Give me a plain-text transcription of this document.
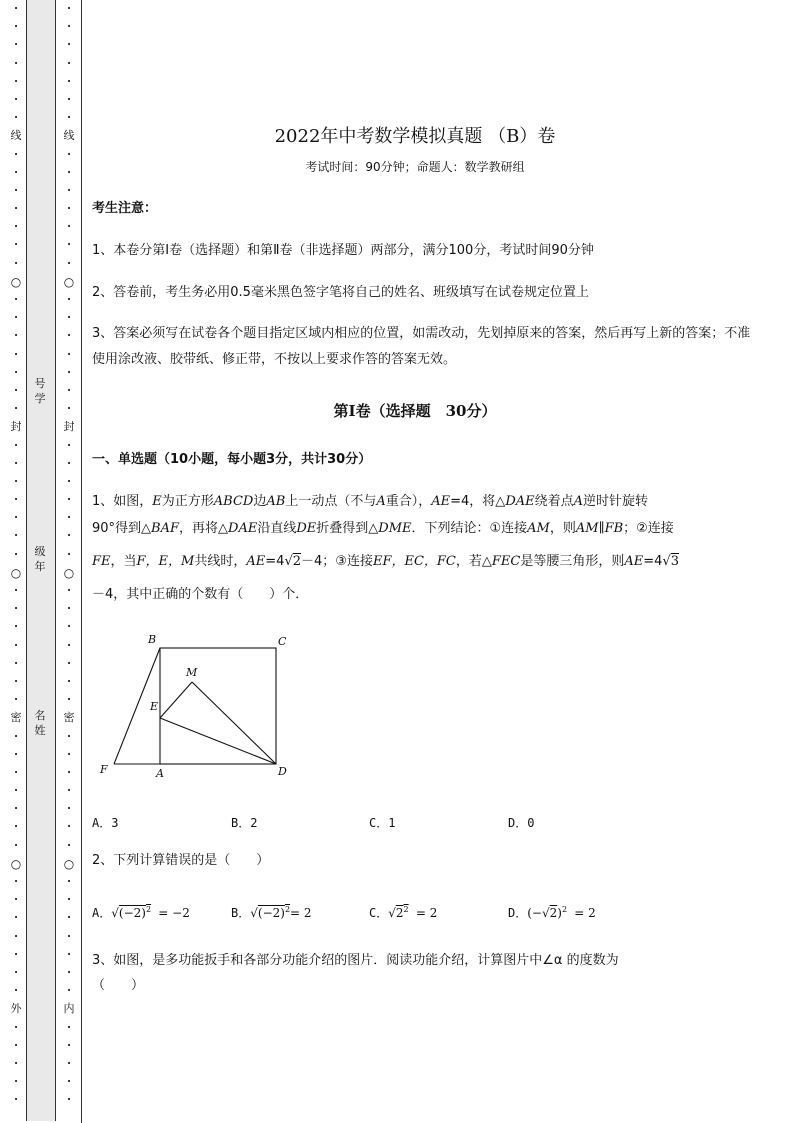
·
·
·
·
·
·
·
线
·
·
·
·
·
·
·
○
·
·
·
·
·
·
·
封
·
·
·
·
·
·
·
○
·
·
·
·
·
·
·
密
·
·
·
·
·
·
·
○
·
·
·
·
·
·
·
外
·
·
·
·
·
·
·
·
·
·
·
·
线
·
·
·
·
·
·
·
○
·
·
·
·
·
·
·
封
·
·
·
·
·
·
·
○
·
·
·
·
·
·
·
密
·
·
·
·
·
·
·
○
·
·
·
·
·
·
·
内
·
·
·
·
·
号
学
级
年
名
姓
2022年中考数学模拟真题 （B）卷
考试时间：90分钟；命题人：数学教研组

考生注意：

1、本卷分第Ⅰ卷（选择题）和第Ⅱ卷（非选择题）两部分，满分100分，考试时间90分钟

2、答卷前，考生务必用0.5毫米黑色签字笔将自己的姓名、班级填写在试卷规定位置上

3、答案必须写在试卷各个题目指定区域内相应的位置，如需改动，先划掉原来的答案，然后再写上新的答案；不准使用涂改液、胶带纸、修正带，不按以上要求作答的答案无效。

第Ⅰ卷（选择题　30分）

一、单选题（10小题，每小题3分，共计30分）

1、如图，E为正方形ABCD边AB上一动点（不与A重合），AE=4，将△DAE绕着点A逆时针旋转

90°得到△BAF，再将△DAE沿直线DE折叠得到△DME．下列结论：①连接AM，则AM∥FB；②连接

FE，当F，E，M共线时，AE=4√2－4；③连接EF，EC，FC，若△FEC是等腰三角形，则AE=4√3

－4，其中正确的个数有（　　）个．

B	C
M
E
F	A	D
A．3	B．2	C．1	D．0

2、下列计算错误的是（　　）

A．$√(-2)^2 = -2$	B．$√(-2)^2= 2$	C．$√2^2 = 2$	D．$(-√2)^2 = 2$

3、如图，是多功能扳手和各部分功能介绍的图片．阅读功能介绍，计算图片中∠α 的度数为

（　　）
